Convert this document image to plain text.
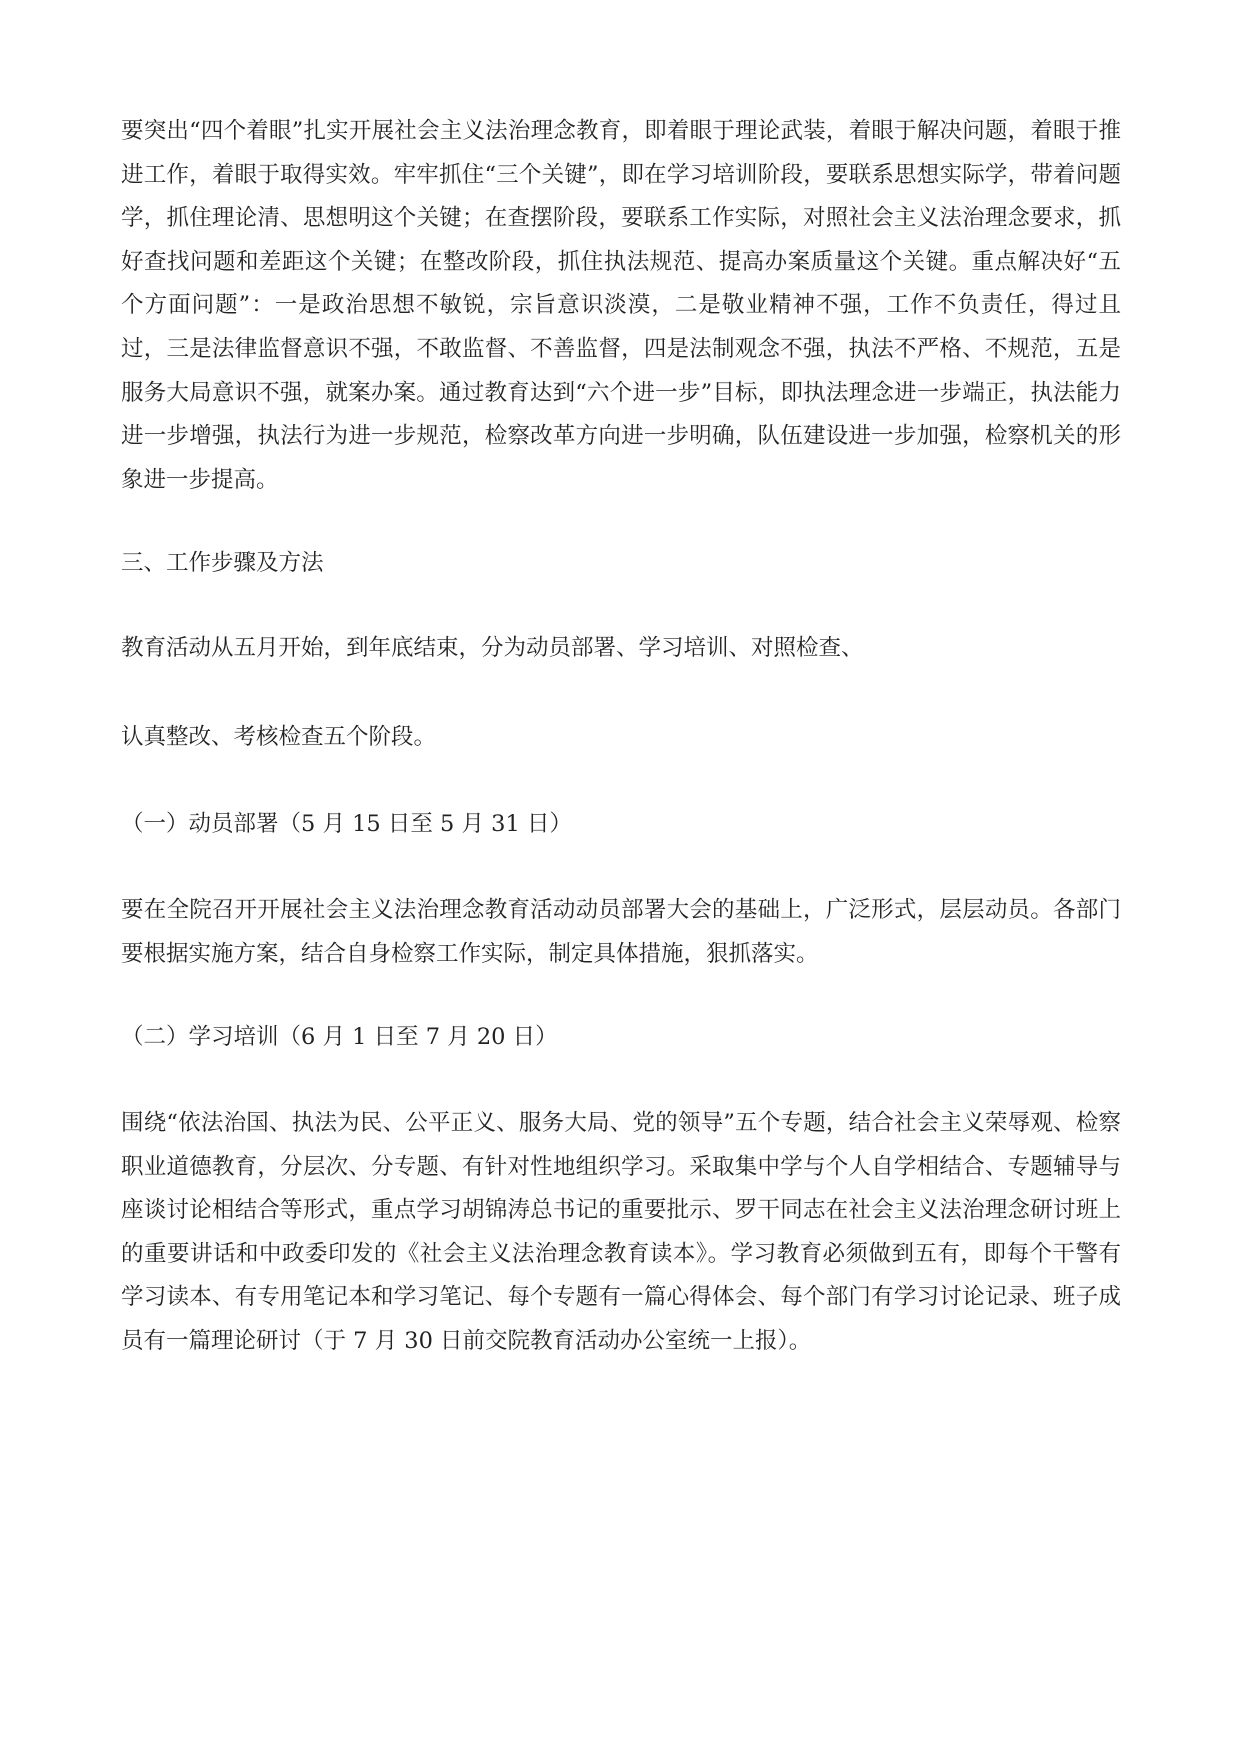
要突出“四个着眼”扎实开展社会主义法治理念教育，即着眼于理论武装，着眼于解决问题，着眼于推进工作，着眼于取得实效。牢牢抓住“三个关键”，即在学习培训阶段，要联系思想实际学，带着问题学，抓住理论清、思想明这个关键；在查摆阶段，要联系工作实际，对照社会主义法治理念要求，抓好查找问题和差距这个关键；在整改阶段，抓住执法规范、提高办案质量这个关键。重点解决好“五个方面问题”：一是政治思想不敏锐，宗旨意识淡漠，二是敬业精神不强，工作不负责任，得过且过，三是法律监督意识不强，不敢监督、不善监督，四是法制观念不强，执法不严格、不规范，五是服务大局意识不强，就案办案。通过教育达到“六个进一步”目标，即执法理念进一步端正，执法能力进一步增强，执法行为进一步规范，检察改革方向进一步明确，队伍建设进一步加强，检察机关的形象进一步提高。

三、工作步骤及方法

教育活动从五月开始，到年底结束，分为动员部署、学习培训、对照检查、

认真整改、考核检查五个阶段。

（一）动员部署（5 月 15 日至 5 月 31 日）

要在全院召开开展社会主义法治理念教育活动动员部署大会的基础上，广泛形式，层层动员。各部门要根据实施方案，结合自身检察工作实际，制定具体措施，狠抓落实。

（二）学习培训（6 月 1 日至 7 月 20 日）

围绕“依法治国、执法为民、公平正义、服务大局、党的领导”五个专题，结合社会主义荣辱观、检察职业道德教育，分层次、分专题、有针对性地组织学习。采取集中学与个人自学相结合、专题辅导与座谈讨论相结合等形式，重点学习胡锦涛总书记的重要批示、罗干同志在社会主义法治理念研讨班上的重要讲话和中政委印发的《社会主义法治理念教育读本》。学习教育必须做到五有，即每个干警有学习读本、有专用笔记本和学习笔记、每个专题有一篇心得体会、每个部门有学习讨论记录、班子成员有一篇理论研讨（于 7 月 30 日前交院教育活动办公室统一上报）。
